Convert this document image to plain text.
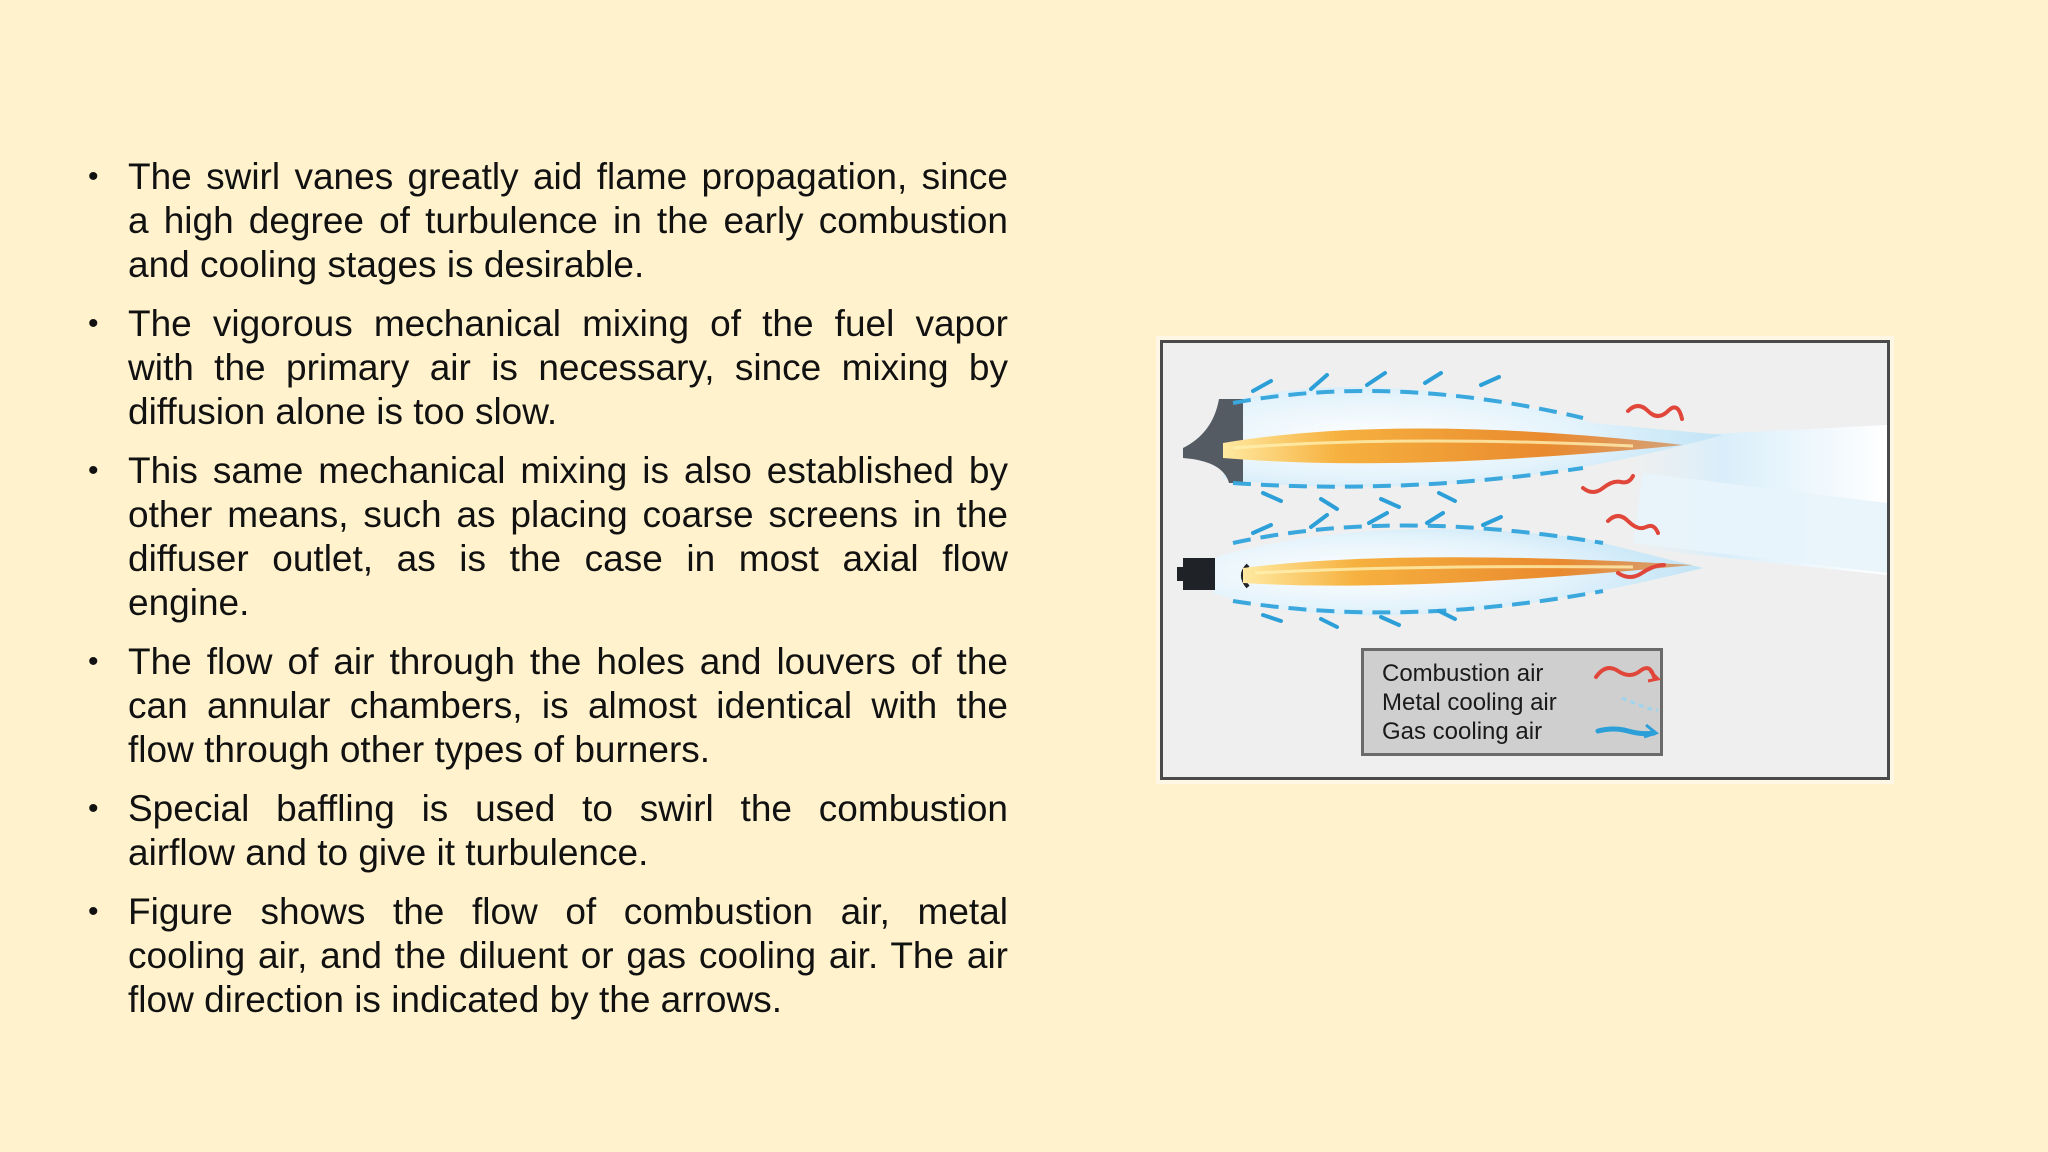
• The swirl vanes greatly aid flame propagation, since a high degree of turbulence in the early combustion and cooling stages is desirable.
• The vigorous mechanical mixing of the fuel vapor with the primary air is necessary, since mixing by diffusion alone is too slow.
• This same mechanical mixing is also established by other means, such as placing coarse screens in the diffuser outlet, as is the case in most axial flow engine.
• The flow of air through the holes and louvers of the can annular chambers, is almost identical with the flow through other types of burners.
• Special baffling is used to swirl the combustion airflow and to give it turbulence.
• Figure shows the flow of combustion air, metal cooling air, and the diluent or gas cooling air. The air flow direction is indicated by the arrows.
Combustion air
Metal cooling air
Gas cooling air
